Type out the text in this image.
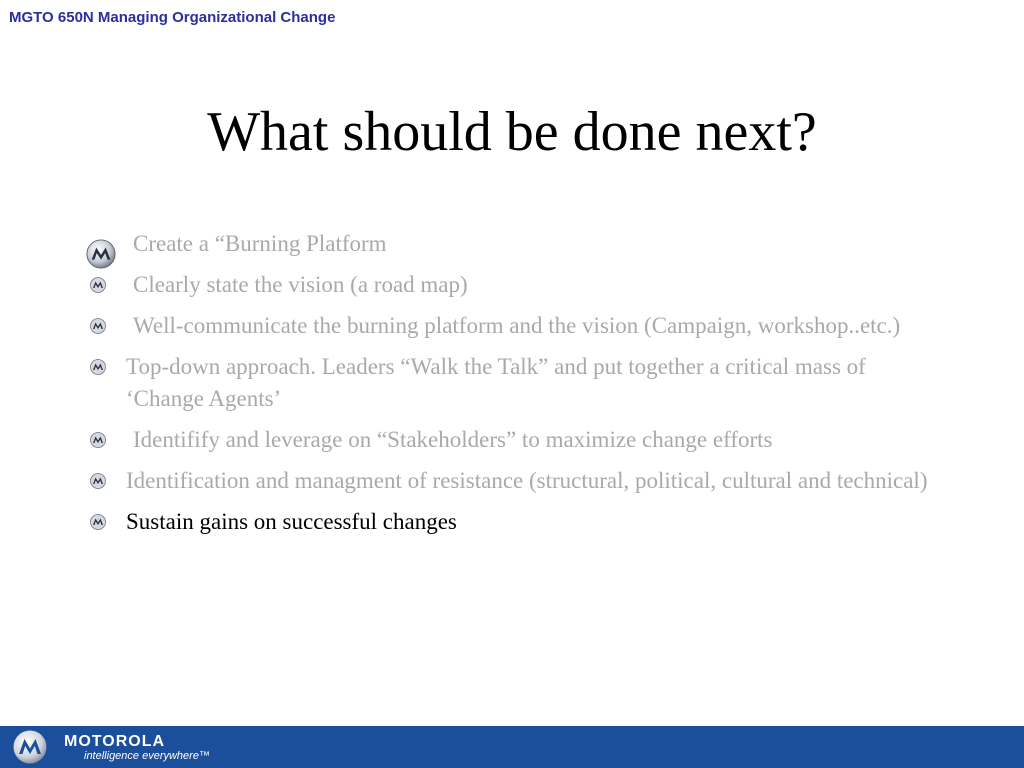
MGTO 650N Managing Organizational Change
What should be done next?
Create a “Burning Platform
Clearly state the vision (a road map)
Well-communicate the burning platform and the vision (Campaign, workshop..etc.)
Top-down approach. Leaders “Walk the Talk” and put together a critical mass of ‘Change Agents’
Identifify and leverage on “Stakeholders” to maximize change efforts
Identification and managment of resistance (structural, political, cultural and technical)
Sustain gains on successful changes
MOTOROLA
intelligence everywhere™
